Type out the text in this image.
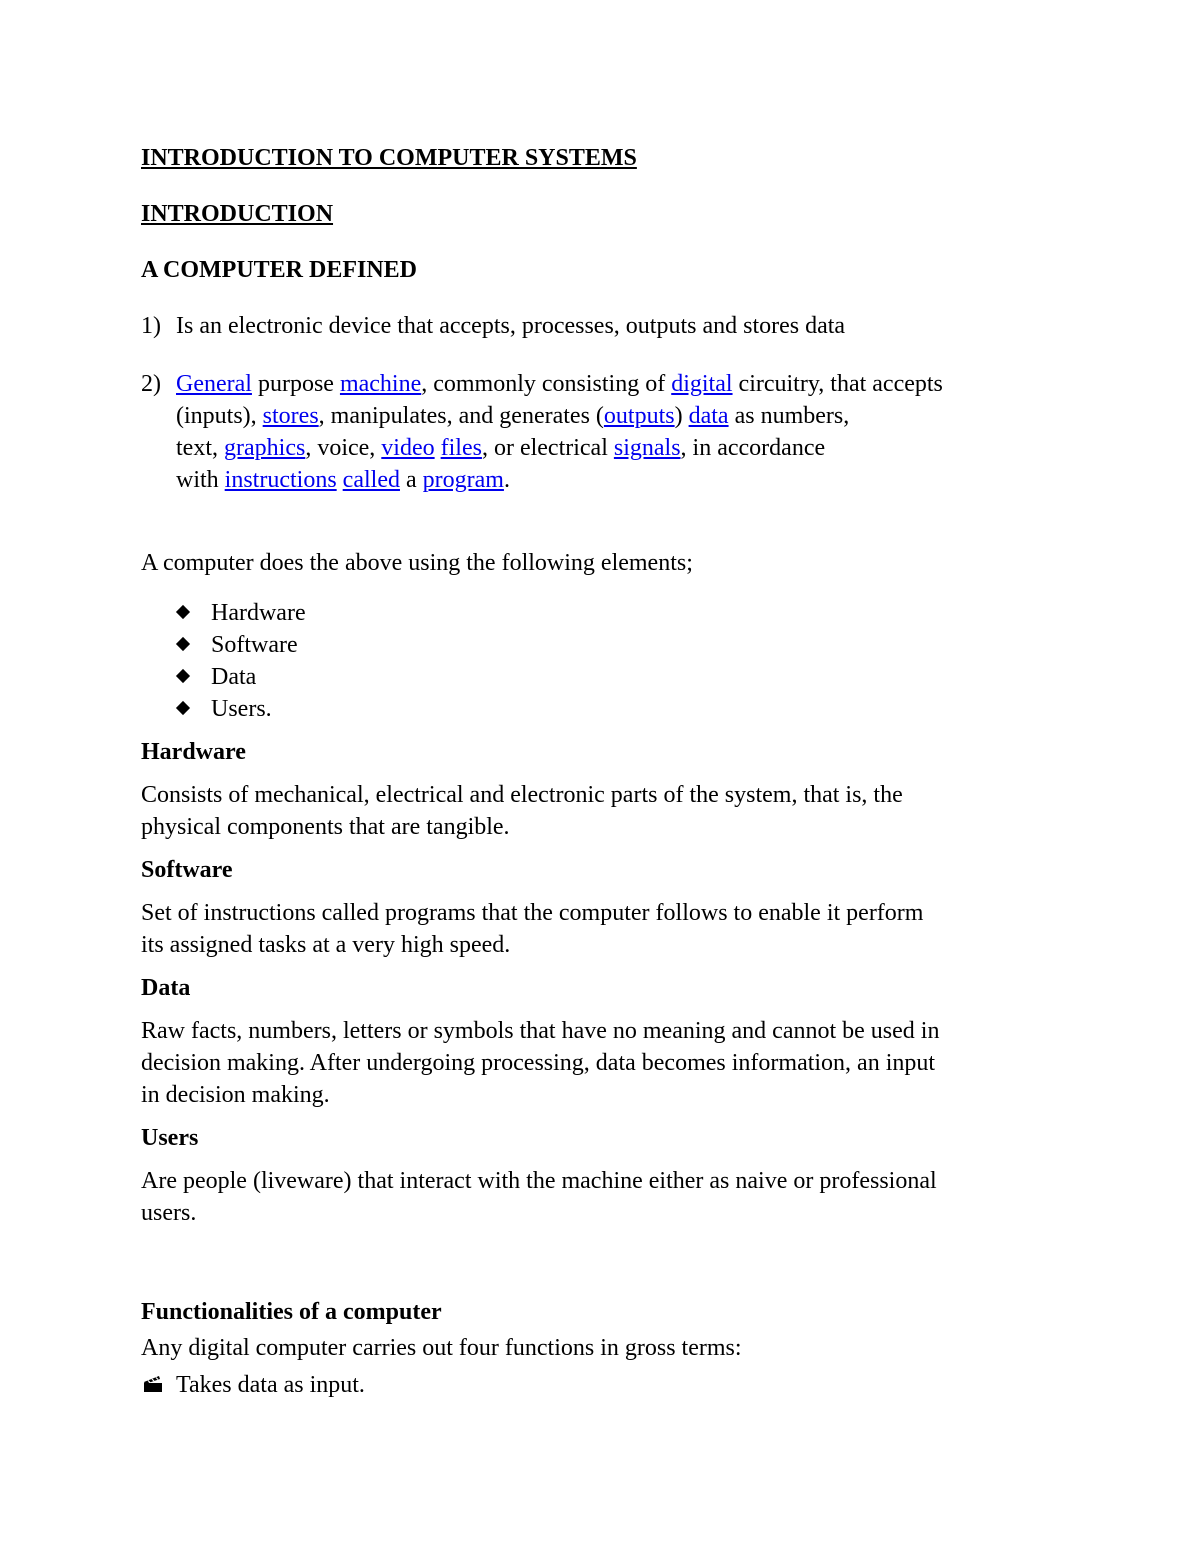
INTRODUCTION TO COMPUTER SYSTEMS
INTRODUCTION
A COMPUTER DEFINED
1) Is an electronic device that accepts, processes, outputs and stores data
2) General purpose machine, commonly consisting of digital circuitry, that accepts
(inputs), stores, manipulates, and generates (outputs) data as numbers,
text, graphics, voice, video files, or electrical signals, in accordance
with instructions called a program.
A computer does the above using the following elements;
Hardware
Software
Data
Users.
Hardware
Consists of mechanical, electrical and electronic parts of the system, that is, the
physical components that are tangible.
Software
Set of instructions called programs that the computer follows to enable it perform
its assigned tasks at a very high speed.
Data
Raw facts, numbers, letters or symbols that have no meaning and cannot be used in
decision making. After undergoing processing, data becomes information, an input
in decision making.
Users
Are people (liveware) that interact with the machine either as naive or professional
users.
Functionalities of a computer
Any digital computer carries out four functions in gross terms:
Takes data as input.
